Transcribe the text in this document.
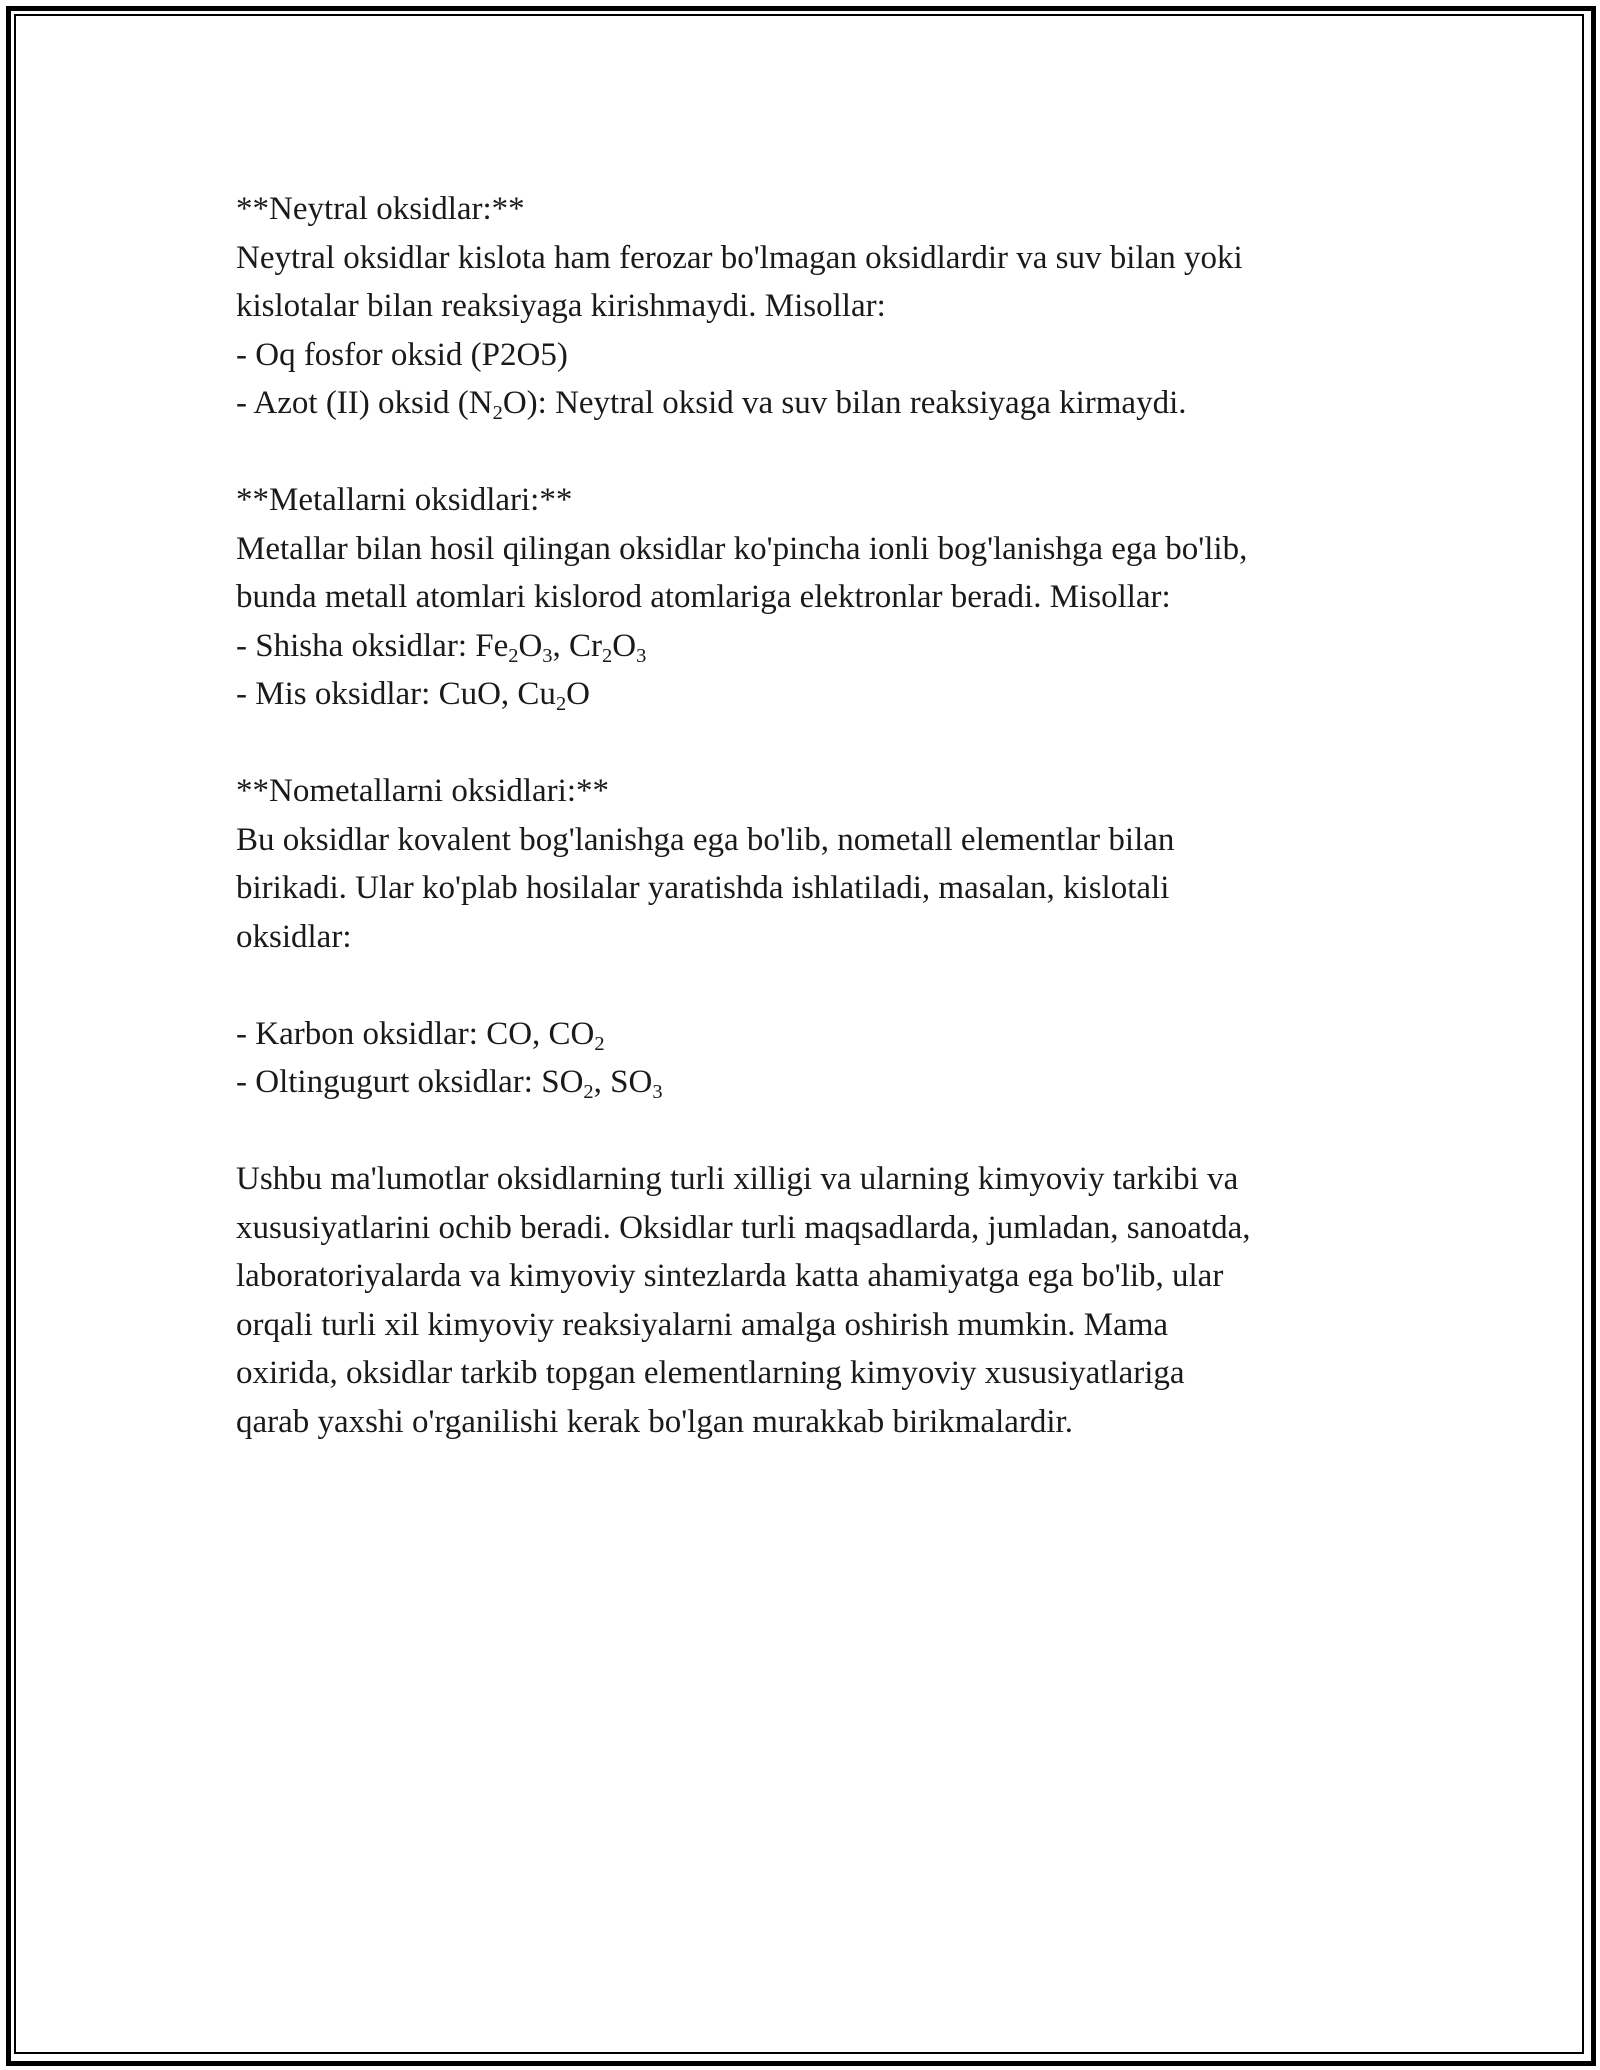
**Neytral oksidlar:**
Neytral oksidlar kislota ham ferozar bo'lmagan oksidlardir va suv bilan yoki
kislotalar bilan reaksiyaga kirishmaydi. Misollar:
- Oq fosfor oksid (P2O5)
- Azot (II) oksid $(N_2O)$: Neytral oksid va suv bilan reaksiyaga kirmaydi.
**Metallarni oksidlari:**
Metallar bilan hosil qilingan oksidlar ko'pincha ionli bog'lanishga ega bo'lib,
bunda metall atomlari kislorod atomlariga elektronlar beradi. Misollar:
- Shisha oksidlar: $Fe_2O_3$, $Cr_2O_3$
- Mis oksidlar: CuO, $Cu_2O$
**Nometallarni oksidlari:**
Bu oksidlar kovalent bog'lanishga ega bo'lib, nometall elementlar bilan
birikadi. Ular ko'plab hosilalar yaratishda ishlatiladi, masalan, kislotali
oksidlar:
- Karbon oksidlar: CO, $CO_2$
- Oltingugurt oksidlar: $SO_2$, $SO_3$
Ushbu ma'lumotlar oksidlarning turli xilligi va ularning kimyoviy tarkibi va
xususiyatlarini ochib beradi. Oksidlar turli maqsadlarda, jumladan, sanoatda,
laboratoriyalarda va kimyoviy sintezlarda katta ahamiyatga ega bo'lib, ular
orqali turli xil kimyoviy reaksiyalarni amalga oshirish mumkin. Mama
oxirida, oksidlar tarkib topgan elementlarning kimyoviy xususiyatlariga
qarab yaxshi o'rganilishi kerak bo'lgan murakkab birikmalardir.
